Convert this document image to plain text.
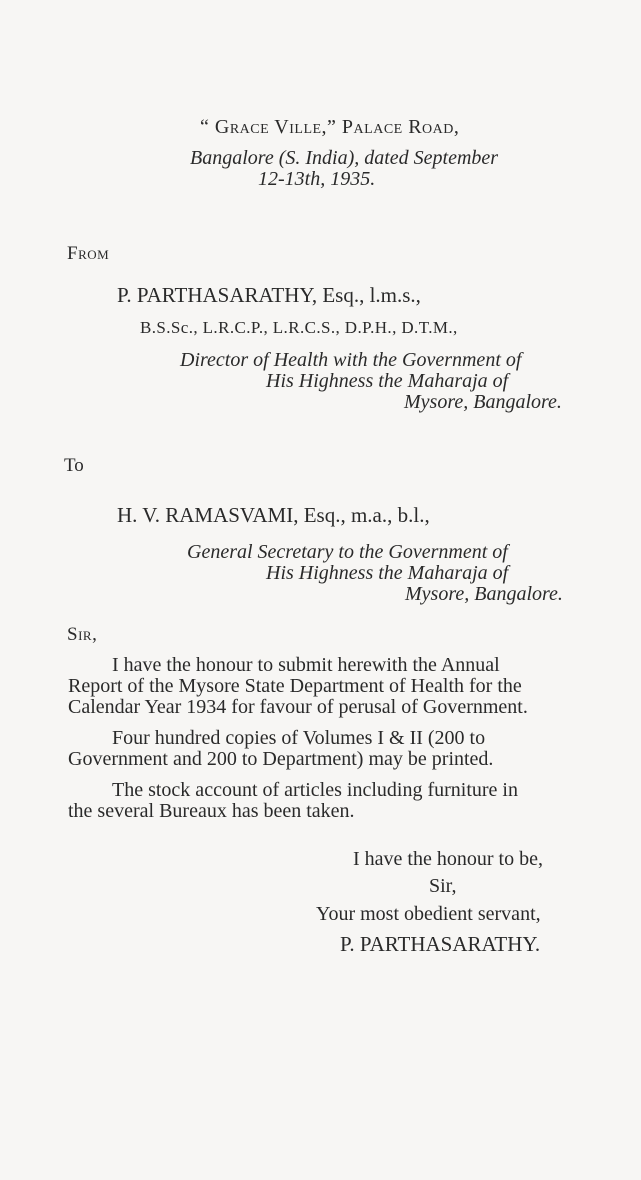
“ Grace Ville,” Palace Road,
Bangalore (S. India), dated September
12-13th, 1935.
From
P. PARTHASARATHY, Esq., l.m.s.,
B.S.Sc., L.R.C.P., L.R.C.S., D.P.H., D.T.M.,
Director of Health with the Government of
His Highness the Maharaja of
Mysore, Bangalore.
To
H. V. RAMASVAMI, Esq., m.a., b.l.,
General Secretary to the Government of
His Highness the Maharaja of
Mysore, Bangalore.
Sir,
I have the honour to submit herewith the Annual
Report of the Mysore State Department of Health for the
Calendar Year 1934 for favour of perusal of Government.
Four hundred copies of Volumes I & II (200 to
Government and 200 to Department) may be printed.
The stock account of articles including furniture in
the several Bureaux has been taken.
I have the honour to be,
Sir,
Your most obedient servant,
P. PARTHASARATHY.
